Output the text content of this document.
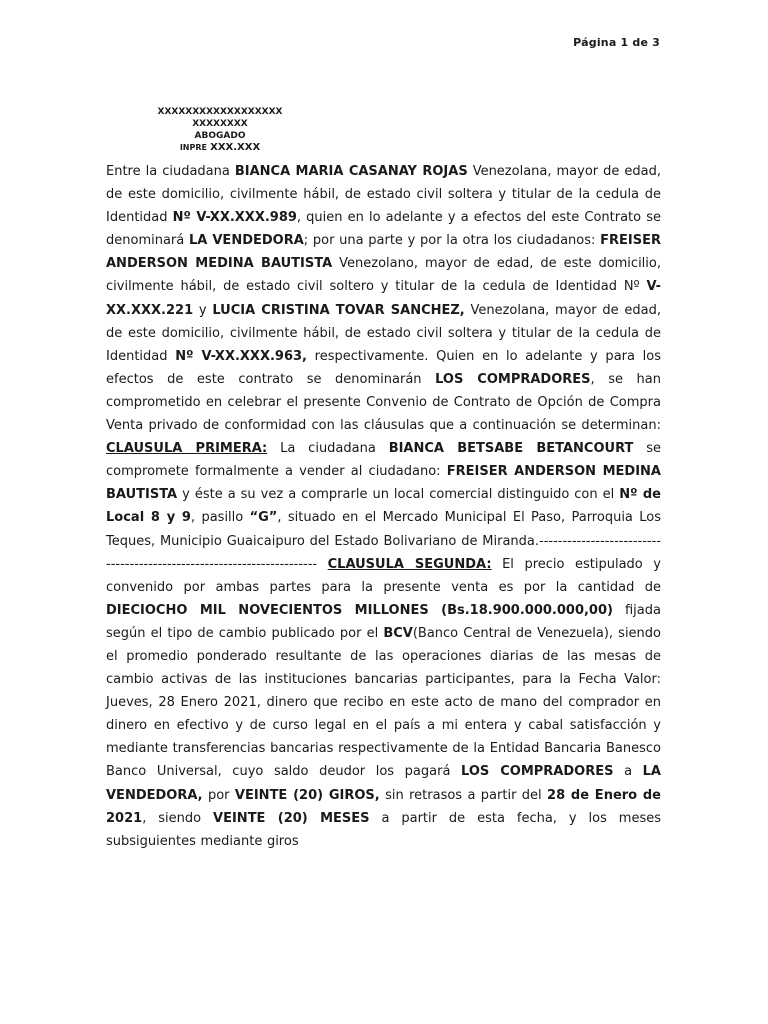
Página 1 de 3
XXXXXXXXXXXXXXXXXX
XXXXXXXX
ABOGADO
INPRE XXX.XXX
Entre la ciudadana BIANCA MARIA CASANAY ROJAS Venezolana, mayor de edad, de este domicilio, civilmente hábil, de estado civil soltera y titular de la cedula de Identidad Nº V-XX.XXX.989, quien en lo adelante y a efectos del este Contrato se denominará LA VENDEDORA; por una parte y por la otra los ciudadanos: FREISER ANDERSON MEDINA BAUTISTA Venezolano, mayor de edad, de este domicilio, civilmente hábil, de estado civil soltero y titular de la cedula de Identidad Nº V-XX.XXX.221 y LUCIA CRISTINA TOVAR SANCHEZ, Venezolana, mayor de edad, de este domicilio, civilmente hábil, de estado civil soltera y titular de la cedula de Identidad Nº V-XX.XXX.963, respectivamente. Quien en lo adelante y para los efectos de este contrato se denominarán LOS COMPRADORES, se han comprometido en celebrar el presente Convenio de Contrato de Opción de Compra Venta privado de conformidad con las cláusulas que a continuación se determinan: CLAUSULA PRIMERA: La ciudadana BIANCA BETSABE BETANCOURT se compromete formalmente a vender al ciudadano: FREISER ANDERSON MEDINA BAUTISTA y éste a su vez a comprarle un local comercial distinguido con el Nº de Local 8 y 9, pasillo “G”, situado en el Mercado Municipal El Paso, Parroquia Los Teques, Municipio Guaicaipuro del Estado Bolivariano de Miranda.----------------------------------------------------------------------- CLAUSULA SEGUNDA: El precio estipulado y convenido por ambas partes para la presente venta es por la cantidad de DIECIOCHO MIL NOVECIENTOS MILLONES (Bs.18.900.000.000,00) fijada según el tipo de cambio publicado por el BCV(Banco Central de Venezuela), siendo el promedio ponderado resultante de las operaciones diarias de las mesas de cambio activas de las instituciones bancarias participantes, para la Fecha Valor: Jueves, 28 Enero 2021, dinero que recibo en este acto de mano del comprador en dinero en efectivo y de curso legal en el país a mi entera y cabal satisfacción y mediante transferencias bancarias respectivamente de la Entidad Bancaria Banesco Banco Universal, cuyo saldo deudor los pagará LOS COMPRADORES a LA VENDEDORA, por VEINTE (20) GIROS, sin retrasos a partir del 28 de Enero de 2021, siendo VEINTE (20) MESES a partir de esta fecha, y los meses subsiguientes mediante giros
